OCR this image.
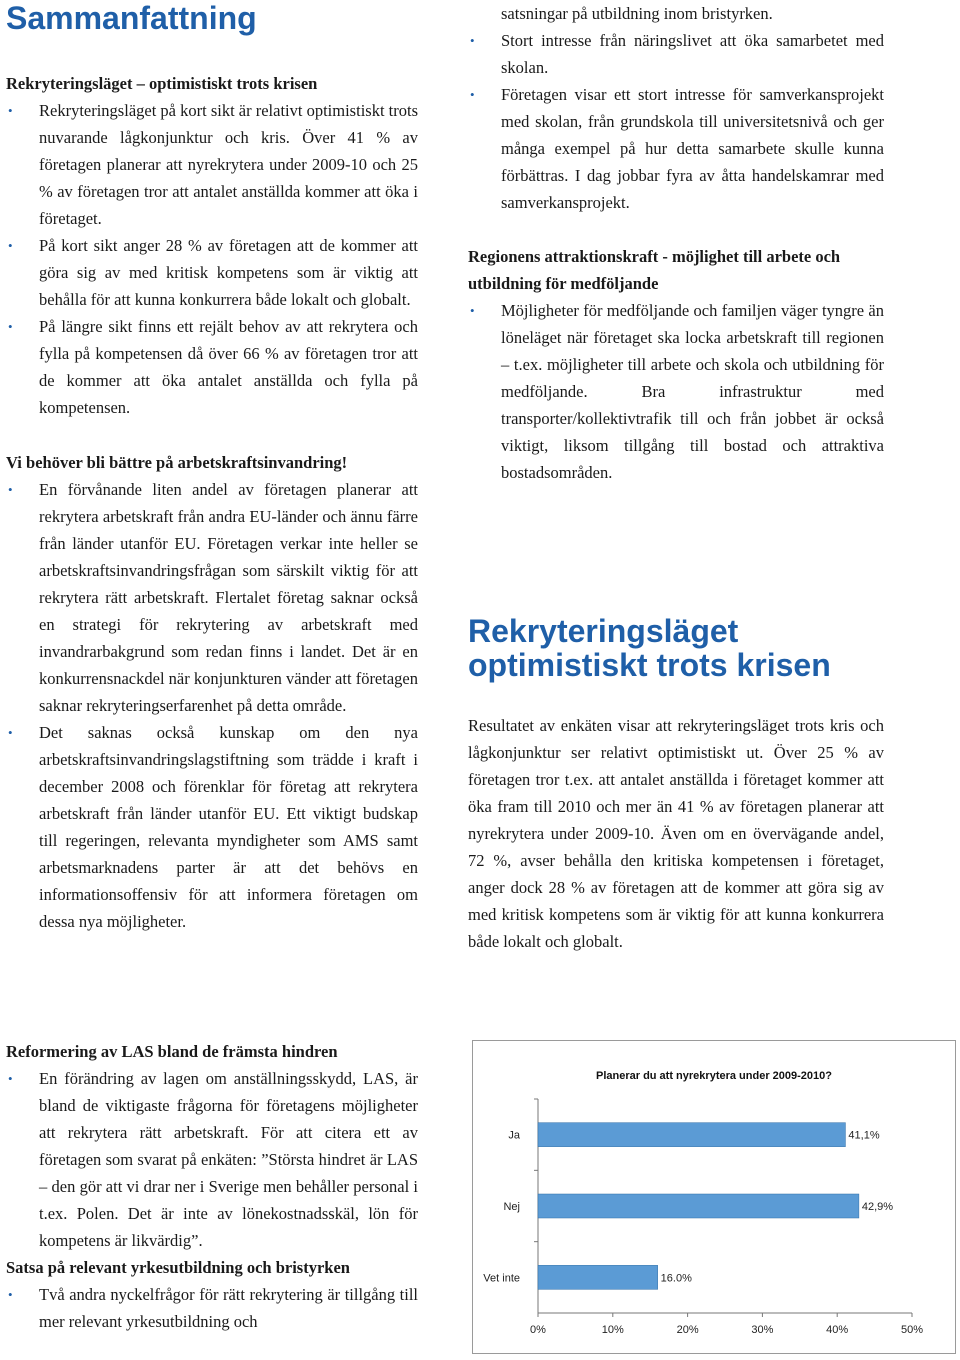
Sammanfattning

Rekryteringsläget – optimistiskt trots krisen

• Rekryteringsläget på kort sikt är relativt optimistiskt trots nuvarande lågkonjunktur och kris. Över 41 % av företagen planerar att nyrekrytera under 2009-10 och 25 % av företagen tror att antalet anställda kommer att öka i företaget.
• På kort sikt anger 28 % av företagen att de kommer att göra sig av med kritisk kompetens som är viktig att behålla för att kunna konkurrera både lokalt och globalt.
• På längre sikt finns ett rejält behov av att rekrytera och fylla på kompetensen då över 66 % av företagen tror att de kommer att öka antalet anställda och fylla på kompetensen.

Vi behöver bli bättre på arbetskraftsinvandring!

• En förvånande liten andel av företagen planerar att rekrytera arbetskraft från andra EU-länder och ännu färre från länder utanför EU. Företagen verkar inte heller se arbetskraftsinvandringsfrågan som särskilt viktig för att rekrytera rätt arbetskraft. Flertalet företag saknar också en strategi för rekrytering av arbetskraft med invandrarbakgrund som redan finns i landet. Det är en konkurrensnackdel när konjunkturen vänder att företagen saknar rekryteringserfarenhet på detta område.
• Det saknas också kunskap om den nya arbetskraftsinvandringslagstiftning som trädde i kraft i december 2008 och förenklar för företag att rekrytera arbetskraft från länder utanför EU. Ett viktigt budskap till regeringen, relevanta myndigheter som AMS samt arbetsmarknadens parter är att det behövs en informationsoffensiv för att informera företagen om dessa nya möjligheter.

Reformering av LAS bland de främsta hindren

• En förändring av lagen om anställningsskydd, LAS, är bland de viktigaste frågorna för företagens möjligheter att rekrytera rätt arbetskraft. För att citera ett av företagen som svarat på enkäten: ”Största hindret är LAS – den gör att vi drar ner i Sverige men behåller personal i t.ex. Polen. Det är inte av lönekostnadsskäl, lön för kompetens är likvärdig”.

Satsa på relevant yrkesutbildning och bristyrken

• Två andra nyckelfrågor för rätt rekrytering är tillgång till mer relevant yrkesutbildning och

satsningar på utbildning inom bristyrken.

• Stort intresse från näringslivet att öka samarbetet med skolan.
• Företagen visar ett stort intresse för samverkansprojekt med skolan, från grundskola till universitetsnivå och ger många exempel på hur detta samarbete skulle kunna förbättras. I dag jobbar fyra av åtta handelskamrar med samverkansprojekt.

Regionens attraktionskraft - möjlighet till arbete och utbildning för medföljande

• Möjligheter för medföljande och familjen väger tyngre än löneläget när företaget ska locka arbetskraft till regionen – t.ex. möjligheter till arbete och skola och utbildning för medföljande. Bra infrastruktur med transporter/kollektivtrafik till och från jobbet är också viktigt, liksom tillgång till bostad och attraktiva bostadsområden.
Rekryteringsläget optimistiskt trots krisen

Resultatet av enkäten visar att rekryteringsläget trots kris och lågkonjunktur ser relativt optimistiskt ut. Över 25 % av företagen tror t.ex. att antalet anställda i företaget kommer att öka fram till 2010 och mer än 41 % av företagen planerar att nyrekrytera under 2009-10. Även om en övervägande andel, 72 %, avser behålla den kritiska kompetensen i företaget, anger dock 28 % av företagen att de kommer att göra sig av med kritisk kompetens som är viktig för att kunna konkurrera både lokalt och globalt.

Planerar du att nyrekrytera under 2009-2010?
0%	10%	20%	30%	40%	50%
Ja	41,1%
Nej	42,9%
Vet inte	16.0%
